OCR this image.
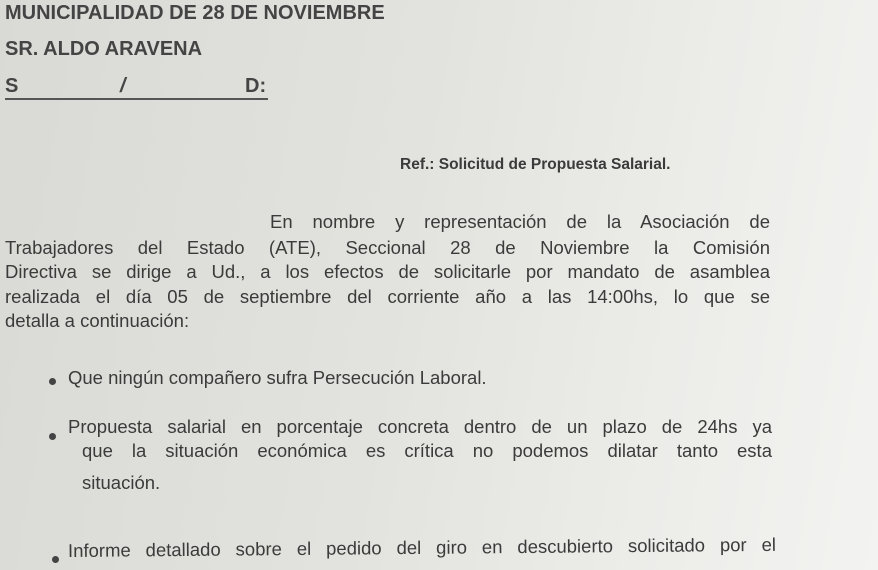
MUNICIPALIDAD DE 28 DE NOVIEMBRE
SR. ALDO ARAVENA
S	/	D:
Ref.: Solicitud de Propuesta Salarial.
En nombre y representación de la Asociación de
Trabajadores del Estado (ATE), Seccional 28 de Noviembre la Comisión
Directiva se dirige a Ud., a los efectos de solicitarle por mandato de asamblea
realizada el día 05 de septiembre del corriente año a las 14:00hs, lo que se
detalla a continuación:
Que ningún compañero sufra Persecución Laboral.
Propuesta salarial en porcentaje concreta dentro de un plazo de 24hs ya
que la situación económica es crítica no podemos dilatar tanto esta
situación.
Informe detallado sobre el pedido del giro en descubierto solicitado por el
